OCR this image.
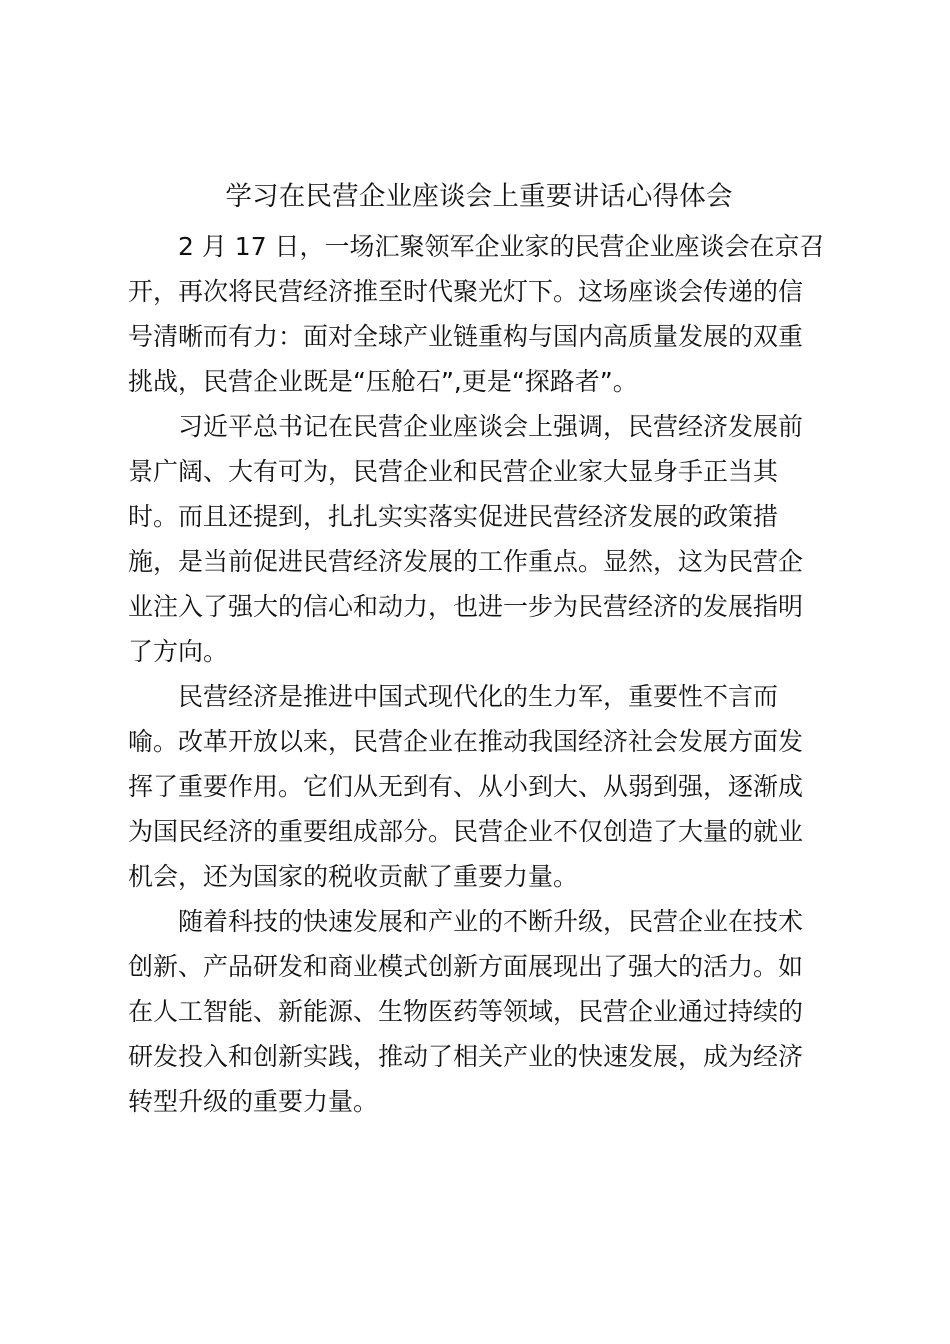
学习在民营企业座谈会上重要讲话心得体会

2 月 17 日，一场汇聚领军企业家的民营企业座谈会在京召
开，再次将民营经济推至时代聚光灯下。这场座谈会传递的信
号清晰而有力：面对全球产业链重构与国内高质量发展的双重
挑战，民营企业既是“压舱石”,更是“探路者”。

习近平总书记在民营企业座谈会上强调，民营经济发展前
景广阔、大有可为，民营企业和民营企业家大显身手正当其
时。而且还提到，扎扎实实落实促进民营经济发展的政策措
施，是当前促进民营经济发展的工作重点。显然，这为民营企
业注入了强大的信心和动力，也进一步为民营经济的发展指明
了方向。

民营经济是推进中国式现代化的生力军，重要性不言而
喻。改革开放以来，民营企业在推动我国经济社会发展方面发
挥了重要作用。它们从无到有、从小到大、从弱到强，逐渐成
为国民经济的重要组成部分。民营企业不仅创造了大量的就业
机会，还为国家的税收贡献了重要力量。

随着科技的快速发展和产业的不断升级，民营企业在技术
创新、产品研发和商业模式创新方面展现出了强大的活力。如
在人工智能、新能源、生物医药等领域，民营企业通过持续的
研发投入和创新实践，推动了相关产业的快速发展，成为经济
转型升级的重要力量。
